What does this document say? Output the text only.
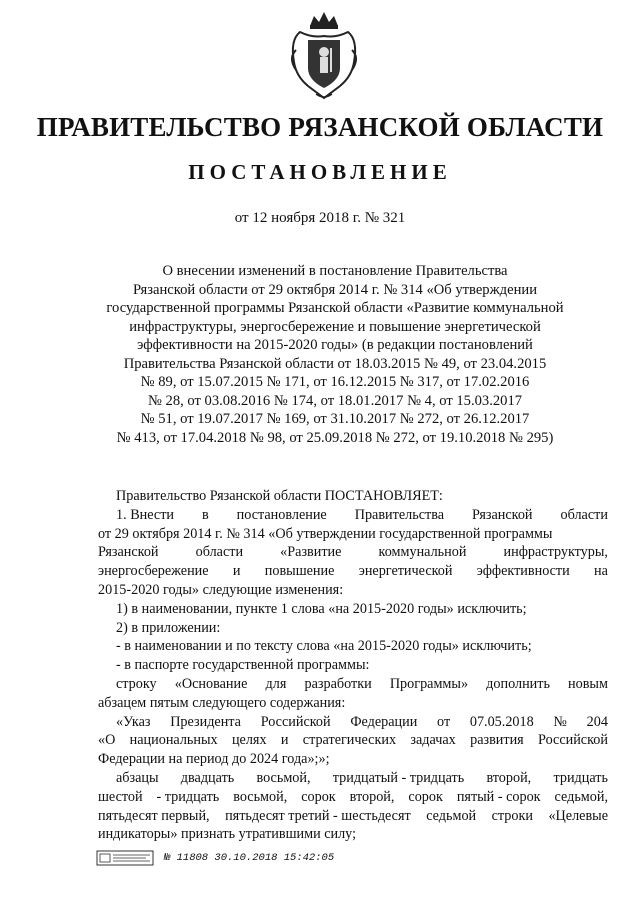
ПРАВИТЕЛЬСТВО РЯЗАНСКОЙ ОБЛАСТИ
ПОСТАНОВЛЕНИЕ
от 12 ноября 2018 г. № 321
О внесении изменений в постановление Правительства
Рязанской области от 29 октября 2014 г. № 314 «Об утверждении
государственной программы Рязанской области «Развитие коммунальной
инфраструктуры, энергосбережение и повышение энергетической
эффективности на 2015-2020 годы» (в редакции постановлений
Правительства Рязанской области от 18.03.2015 № 49, от 23.04.2015
№ 89, от 15.07.2015 № 171, от 16.12.2015 № 317, от 17.02.2016
№ 28, от 03.08.2016 № 174, от 18.01.2017 № 4, от 15.03.2017
№ 51, от 19.07.2017 № 169, от 31.10.2017 № 272, от 26.12.2017
№ 413, от 17.04.2018 № 98, от 25.09.2018 № 272, от 19.10.2018 № 295)
Правительство Рязанской области ПОСТАНОВЛЯЕТ:
1. Внести в постановление Правительства Рязанской области
от 29 октября 2014 г. № 314 «Об утверждении государственной программы
Рязанской	области	«Развитие	коммунальной	инфраструктуры,
энергосбережение и повышение энергетической эффективности на
2015-2020 годы» следующие изменения:
1) в наименовании, пункте 1 слова «на 2015-2020 годы» исключить;
2) в приложении:
- в наименовании и по тексту слова «на 2015-2020 годы» исключить;
- в паспорте государственной программы:
строку «Основание для разработки Программы» дополнить новым
абзацем пятым следующего содержания:
«Указ Президента Российской Федерации от 07.05.2018 № 204
«О национальных целях и стратегических задачах развития Российской
Федерации на период до 2024 года»;»;
абзацы двадцать восьмой, тридцатый - тридцать второй, тридцать
шестой - тридцать восьмой, сорок второй, сорок пятый - сорок седьмой,
пятьдесят первый, пятьдесят третий - шестьдесят седьмой строки «Целевые
индикаторы» признать утратившими силу;
№ 11808 30.10.2018 15:42:05
